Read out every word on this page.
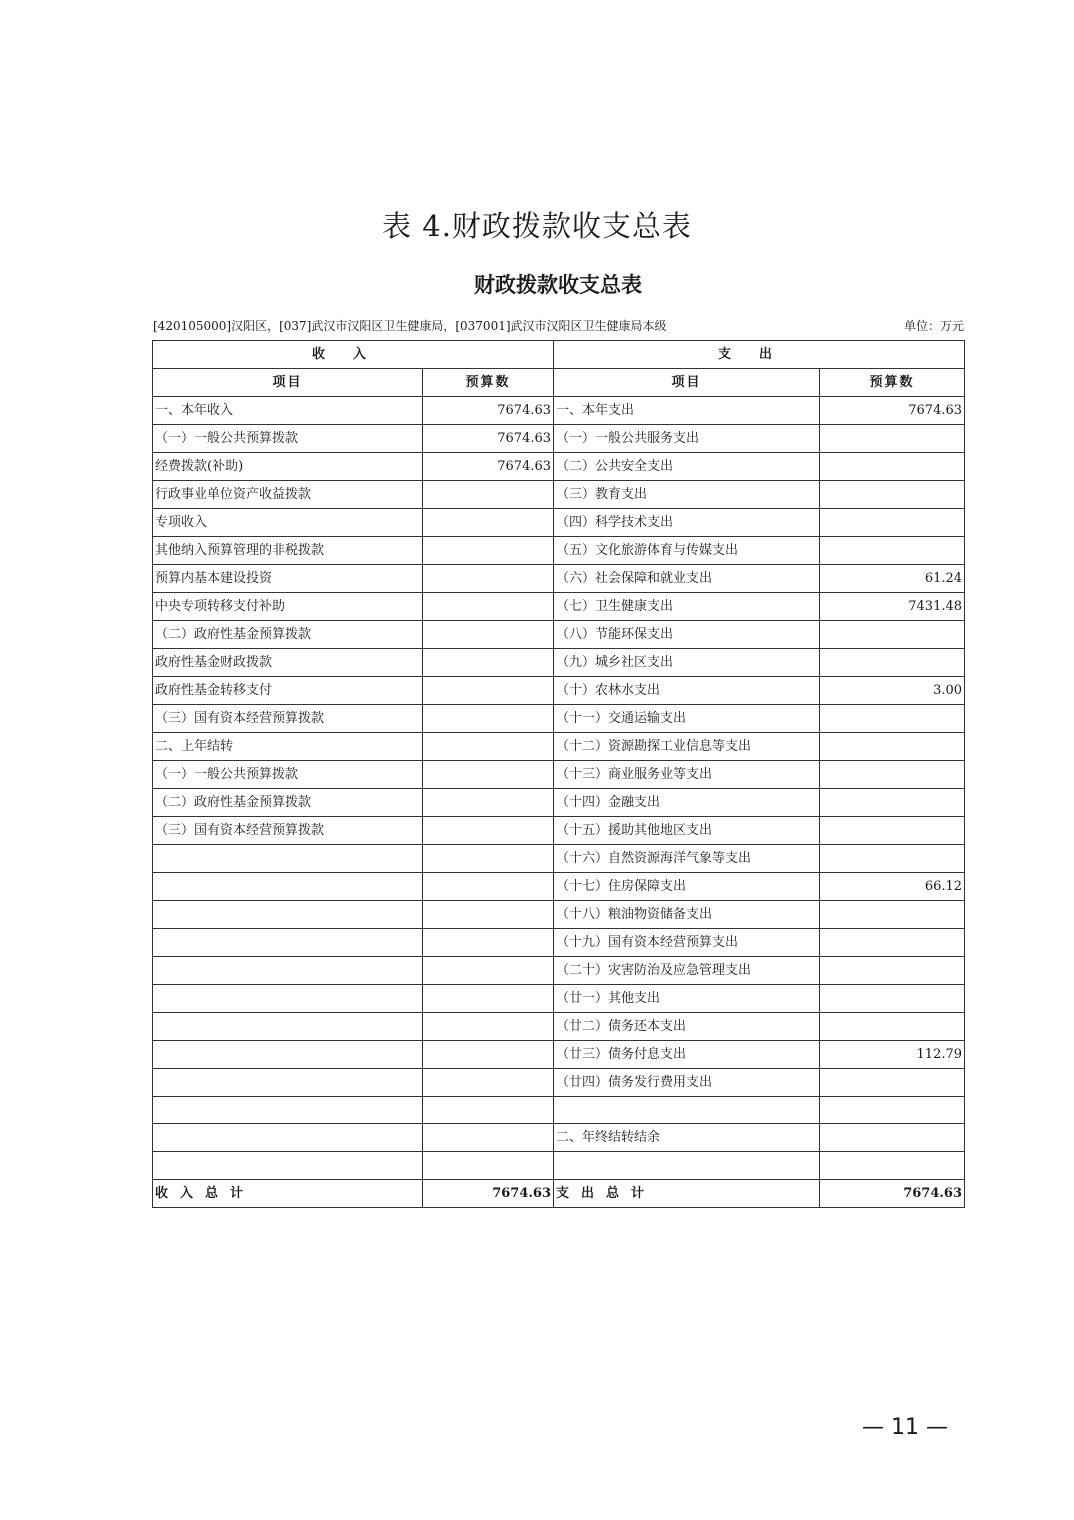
表 4.财政拨款收支总表
财政拨款收支总表
[420105000]汉阳区，[037]武汉市汉阳区卫生健康局，[037001]武汉市汉阳区卫生健康局本级	单位：万元
收入		支出	
项目	预算数	项目	预算数
一、本年收入	7674.63	一、本年支出	7674.63
（一）一般公共预算拨款	7674.63	（一）一般公共服务支出	
经费拨款(补助)	7674.63	（二）公共安全支出	
行政事业单位资产收益拨款		（三）教育支出	
专项收入		（四）科学技术支出	
其他纳入预算管理的非税拨款		（五）文化旅游体育与传媒支出	
预算内基本建设投资		（六）社会保障和就业支出	61.24
中央专项转移支付补助		（七）卫生健康支出	7431.48
（二）政府性基金预算拨款		（八）节能环保支出	
政府性基金财政拨款		（九）城乡社区支出	
政府性基金转移支付		（十）农林水支出	3.00
（三）国有资本经营预算拨款		（十一）交通运输支出	
二、上年结转		（十二）资源勘探工业信息等支出	
（一）一般公共预算拨款		（十三）商业服务业等支出	
（二）政府性基金预算拨款		（十四）金融支出	
（三）国有资本经营预算拨款		（十五）援助其他地区支出	
		（十六）自然资源海洋气象等支出	
		（十七）住房保障支出	66.12
		（十八）粮油物资储备支出	
		（十九）国有资本经营预算支出	
		（二十）灾害防治及应急管理支出	
		（廿一）其他支出	
		（廿二）债务还本支出	
		（廿三）债务付息支出	112.79
		（廿四）债务发行费用支出	

		二、年终结转结余	

收入总计	7674.63	支出总计	7674.63
— 11 —
